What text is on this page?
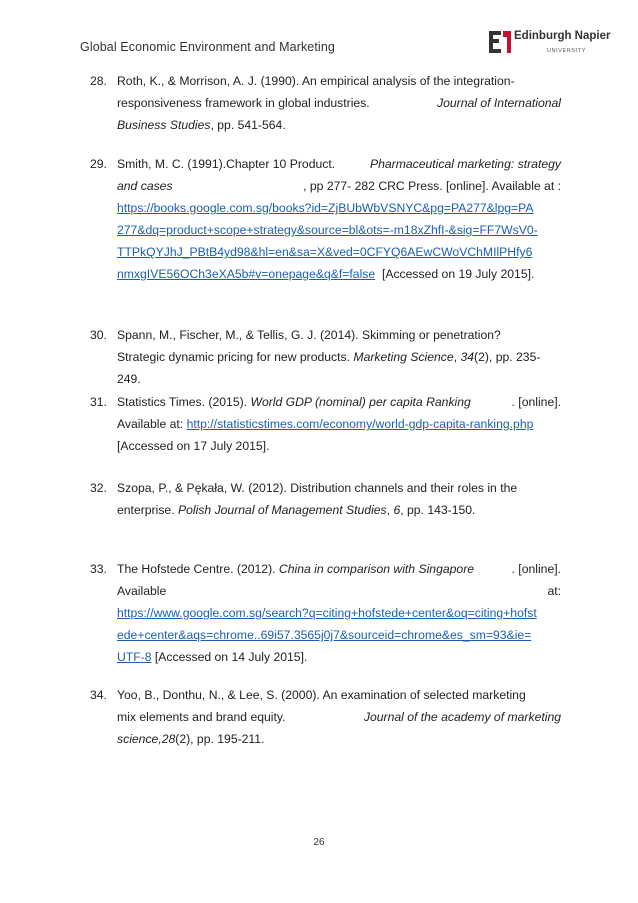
Global Economic Environment and Marketing
Edinburgh Napier
UNIVERSITY
28. Roth, K., & Morrison, A. J. (1990). An empirical analysis of the integration-
responsiveness framework in global industries.	Journal of International
Business Studies, pp. 541-564.
29. Smith, M. C. (1991).Chapter 10 Product.	Pharmaceutical marketing: strategy
and cases	, pp 277- 282 CRC Press. [online]. Available at :
https://books.google.com.sg/books?id=ZjBUbWbVSNYC&pg=PA277&lpg=PA
277&dq=product+scope+strategy&source=bl&ots=-m18xZhfI-&sig=FF7WsV0-
TTPkQYJhJ_PBtB4yd98&hl=en&sa=X&ved=0CFYQ6AEwCWoVChMIlPHfy6
nmxgIVE56OCh3eXA5b#v=onepage&q&f=false [Accessed on 19 July 2015].
30. Spann, M., Fischer, M., & Tellis, G. J. (2014). Skimming or penetration?
Strategic dynamic pricing for new products. Marketing Science, 34(2), pp. 235-
249.
31. Statistics Times. (2015). World GDP (nominal) per capita Ranking	. [online].
Available at: http://statisticstimes.com/economy/world-gdp-capita-ranking.php
[Accessed on 17 July 2015].
32. Szopa, P., & Pękała, W. (2012). Distribution channels and their roles in the
enterprise. Polish Journal of Management Studies, 6, pp. 143-150.
33. The Hofstede Centre. (2012). China in comparison with Singapore	. [online].
Available	at:
https://www.google.com.sg/search?q=citing+hofstede+center&oq=citing+hofst
ede+center&aqs=chrome..69i57.3565j0j7&sourceid=chrome&es_sm=93&ie=
UTF-8 [Accessed on 14 July 2015].
34. Yoo, B., Donthu, N., & Lee, S. (2000). An examination of selected marketing
mix elements and brand equity.	Journal of the academy of marketing
science,28(2), pp. 195-211.
26
